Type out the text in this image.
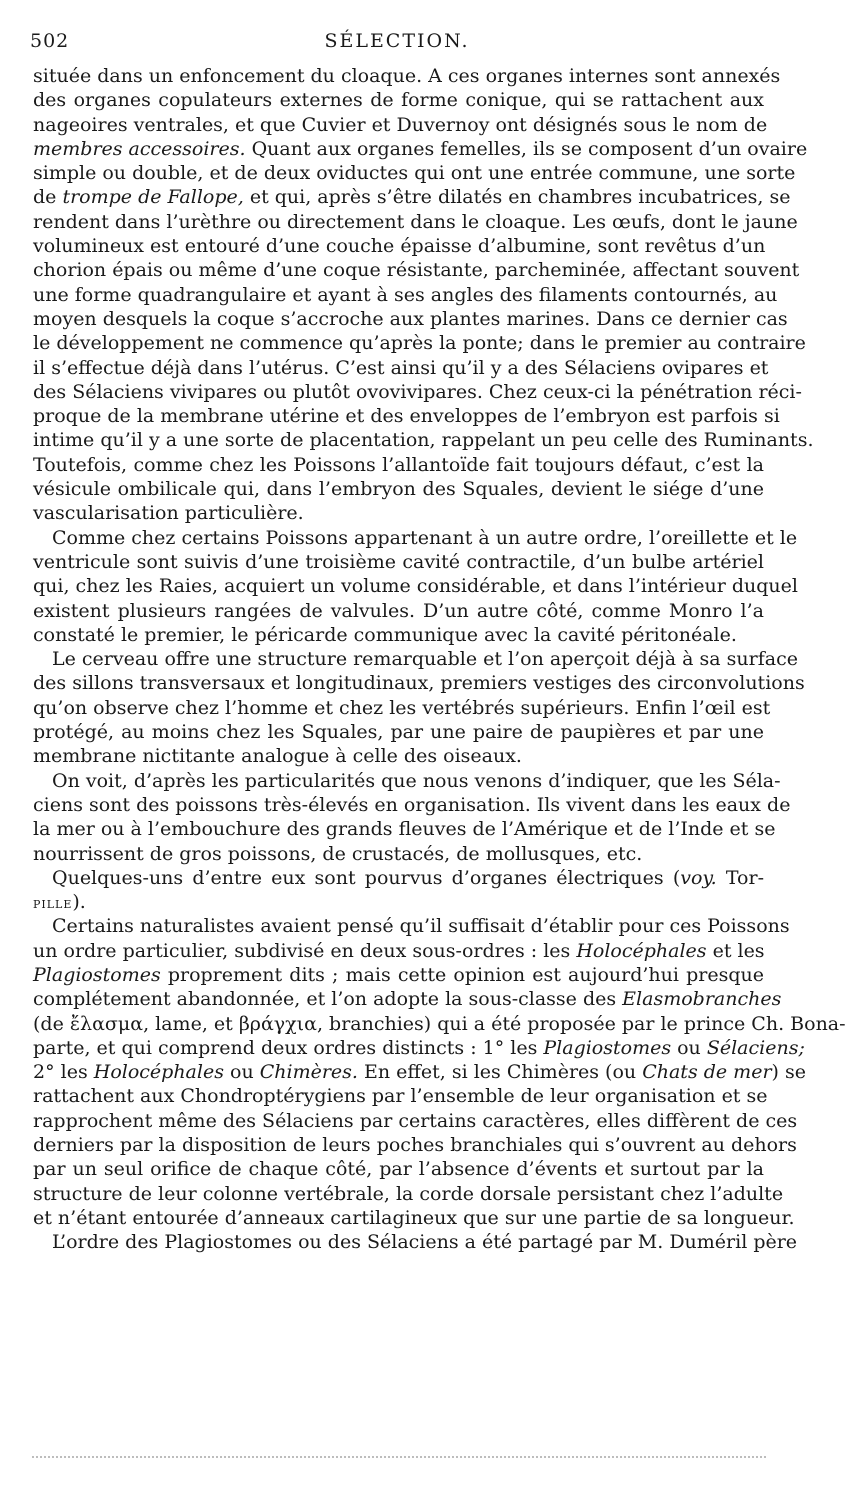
502	SÉLECTION.
située dans un enfoncement du cloaque. A ces organes internes sont annexés
des organes copulateurs externes de forme conique, qui se rattachent aux
nageoires ventrales, et que Cuvier et Duvernoy ont désignés sous le nom de
membres accessoires. Quant aux organes femelles, ils se composent d’un ovaire
simple ou double, et de deux oviductes qui ont une entrée commune, une sorte
de trompe de Fallope, et qui, après s’être dilatés en chambres incubatrices, se
rendent dans l’urèthre ou directement dans le cloaque. Les œufs, dont le jaune
volumineux est entouré d’une couche épaisse d’albumine, sont revêtus d’un
chorion épais ou même d’une coque résistante, parcheminée, affectant souvent
une forme quadrangulaire et ayant à ses angles des filaments contournés, au
moyen desquels la coque s’accroche aux plantes marines. Dans ce dernier cas
le développement ne commence qu’après la ponte; dans le premier au contraire
il s’effectue déjà dans l’utérus. C’est ainsi qu’il y a des Sélaciens ovipares et
des Sélaciens vivipares ou plutôt ovovivipares. Chez ceux-ci la pénétration réci-
proque de la membrane utérine et des enveloppes de l’embryon est parfois si
intime qu’il y a une sorte de placentation, rappelant un peu celle des Ruminants.
Toutefois, comme chez les Poissons l’allantoïde fait toujours défaut, c’est la
vésicule ombilicale qui, dans l’embryon des Squales, devient le siége d’une
vascularisation particulière.
Comme chez certains Poissons appartenant à un autre ordre, l’oreillette et le
ventricule sont suivis d’une troisième cavité contractile, d’un bulbe artériel
qui, chez les Raies, acquiert un volume considérable, et dans l’intérieur duquel
existent plusieurs rangées de valvules. D’un autre côté, comme Monro l’a
constaté le premier, le péricarde communique avec la cavité péritonéale.
Le cerveau offre une structure remarquable et l’on aperçoit déjà à sa surface
des sillons transversaux et longitudinaux, premiers vestiges des circonvolutions
qu’on observe chez l’homme et chez les vertébrés supérieurs. Enfin l’œil est
protégé, au moins chez les Squales, par une paire de paupières et par une
membrane nictitante analogue à celle des oiseaux.
On voit, d’après les particularités que nous venons d’indiquer, que les Séla-
ciens sont des poissons très-élevés en organisation. Ils vivent dans les eaux de
la mer ou à l’embouchure des grands fleuves de l’Amérique et de l’Inde et se
nourrissent de gros poissons, de crustacés, de mollusques, etc.
Quelques-uns d’entre eux sont pourvus d’organes électriques (voy. Tor-
pille).
Certains naturalistes avaient pensé qu’il suffisait d’établir pour ces Poissons
un ordre particulier, subdivisé en deux sous-ordres : les Holocéphales et les
Plagiostomes proprement dits ; mais cette opinion est aujourd’hui presque
complétement abandonnée, et l’on adopte la sous-classe des Elasmobranches
(de ἔλασμα, lame, et βράγχια, branchies) qui a été proposée par le prince Ch. Bona-
parte, et qui comprend deux ordres distincts : 1° les Plagiostomes ou Sélaciens;
2° les Holocéphales ou Chimères. En effet, si les Chimères (ou Chats de mer) se
rattachent aux Chondroptérygiens par l’ensemble de leur organisation et se
rapprochent même des Sélaciens par certains caractères, elles diffèrent de ces
derniers par la disposition de leurs poches branchiales qui s’ouvrent au dehors
par un seul orifice de chaque côté, par l’absence d’évents et surtout par la
structure de leur colonne vertébrale, la corde dorsale persistant chez l’adulte
et n’étant entourée d’anneaux cartilagineux que sur une partie de sa longueur.
L’ordre des Plagiostomes ou des Sélaciens a été partagé par M. Duméril père
